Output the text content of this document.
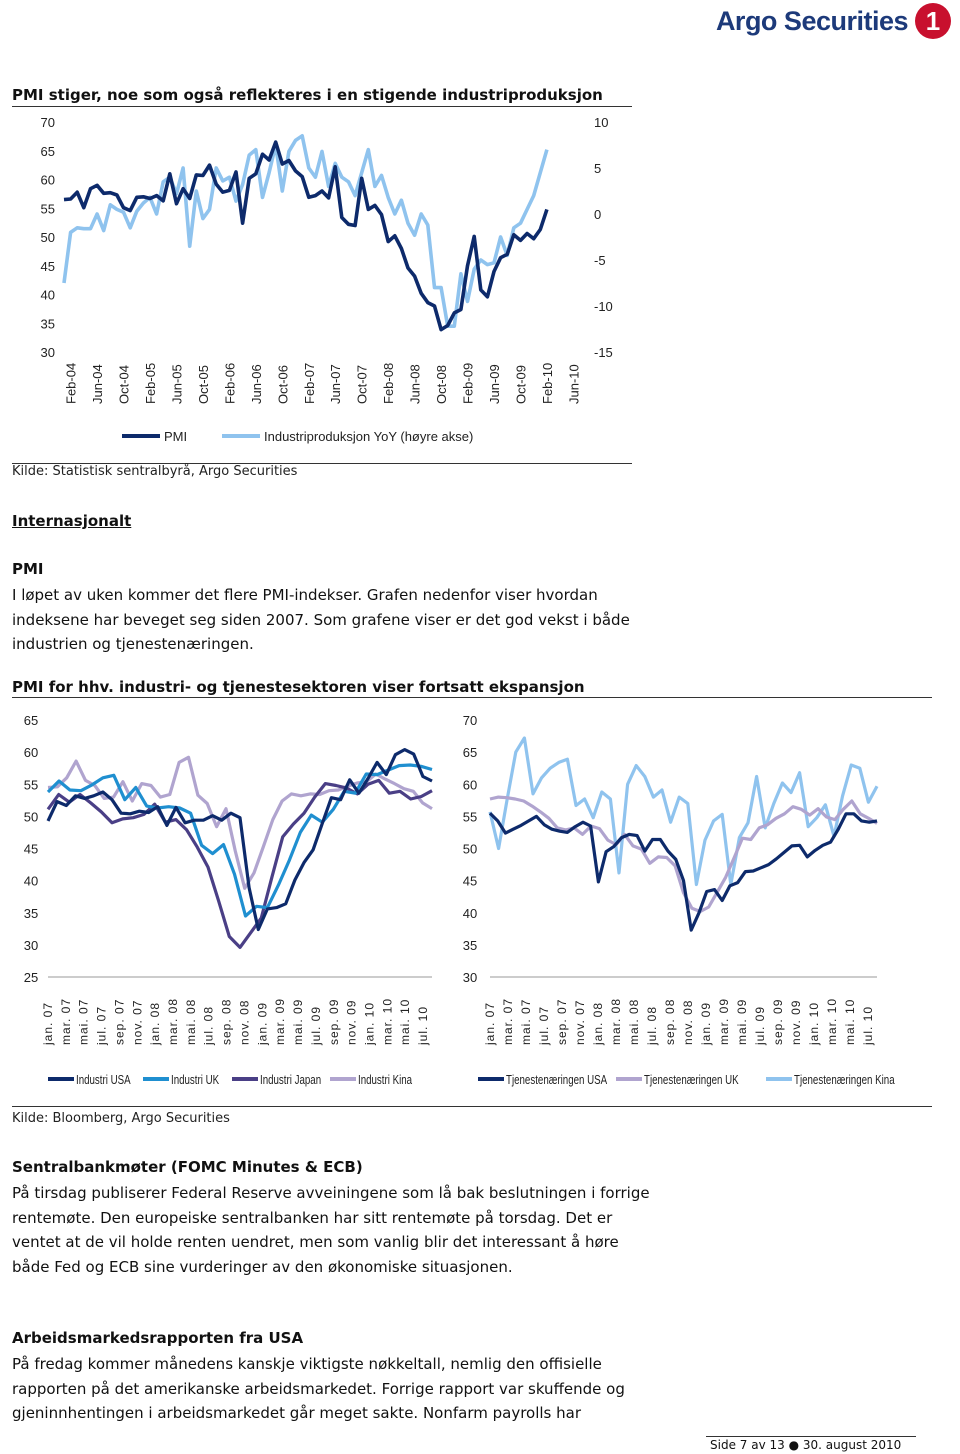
Argo Securities 1
PMI stiger, noe som også reflekteres i en stigende industriproduksjon
30
35
40
45
50
55
60
65
70
-15
-10
-5
0
5
10
Feb-04 Jun-04 Oct-04 Feb-05 Jun-05 Oct-05 Feb-06 Jun-06 Oct-06 Feb-07 Jun-07 Oct-07 Feb-08 Jun-08 Oct-08 Feb-09 Jun-09 Oct-09 Feb-10 Jun-10
PMI	Industriproduksjon YoY (høyre akse)
Kilde: Statistisk sentralbyrå, Argo Securities
Internasjonalt
PMI
I løpet av uken kommer det flere PMI-indekser. Grafen nedenfor viser hvordan indeksene har beveget seg siden 2007. Som grafene viser er det god vekst i både industrien og tjenestenæringen.
PMI for hhv. industri- og tjenestesektoren viser fortsatt ekspansjon
25
30
35
40
45
50
55
60
65
jan. 07 mar. 07 mai. 07 jul. 07 sep. 07 nov. 07 jan. 08 mar. 08 mai. 08 jul. 08 sep. 08 nov. 08 jan. 09 mar. 09 mai. 09 jul. 09 sep. 09 nov. 09 jan. 10 mar. 10 mai. 10 jul. 10
Industri USA	Industri UK	Industri Japan	Industri Kina
30
35
40
45
50
55
60
65
70
jan. 07 mar. 07 mai. 07 jul. 07 sep. 07 nov. 07 jan. 08 mar. 08 mai. 08 jul. 08 sep. 08 nov. 08 jan. 09 mar. 09 mai. 09 jul. 09 sep. 09 nov. 09 jan. 10 mar. 10 mai. 10 jul. 10
Tjenestenæringen USA	Tjenestenæringen UK	Tjenestenæringen Kina
Kilde: Bloomberg, Argo Securities
Sentralbankmøter (FOMC Minutes & ECB)
På tirsdag publiserer Federal Reserve avveiningene som lå bak beslutningen i forrige rentemøte. Den europeiske sentralbanken har sitt rentemøte på torsdag. Det er ventet at de vil holde renten uendret, men som vanlig blir det interessant å høre både Fed og ECB sine vurderinger av den økonomiske situasjonen.
Arbeidsmarkedsrapporten fra USA
På fredag kommer månedens kanskje viktigste nøkkeltall, nemlig den offisielle rapporten på det amerikanske arbeidsmarkedet. Forrige rapport var skuffende og gjeninnhentingen i arbeidsmarkedet går meget sakte. Nonfarm payrolls har
Side 7 av 13 ● 30. august 2010
